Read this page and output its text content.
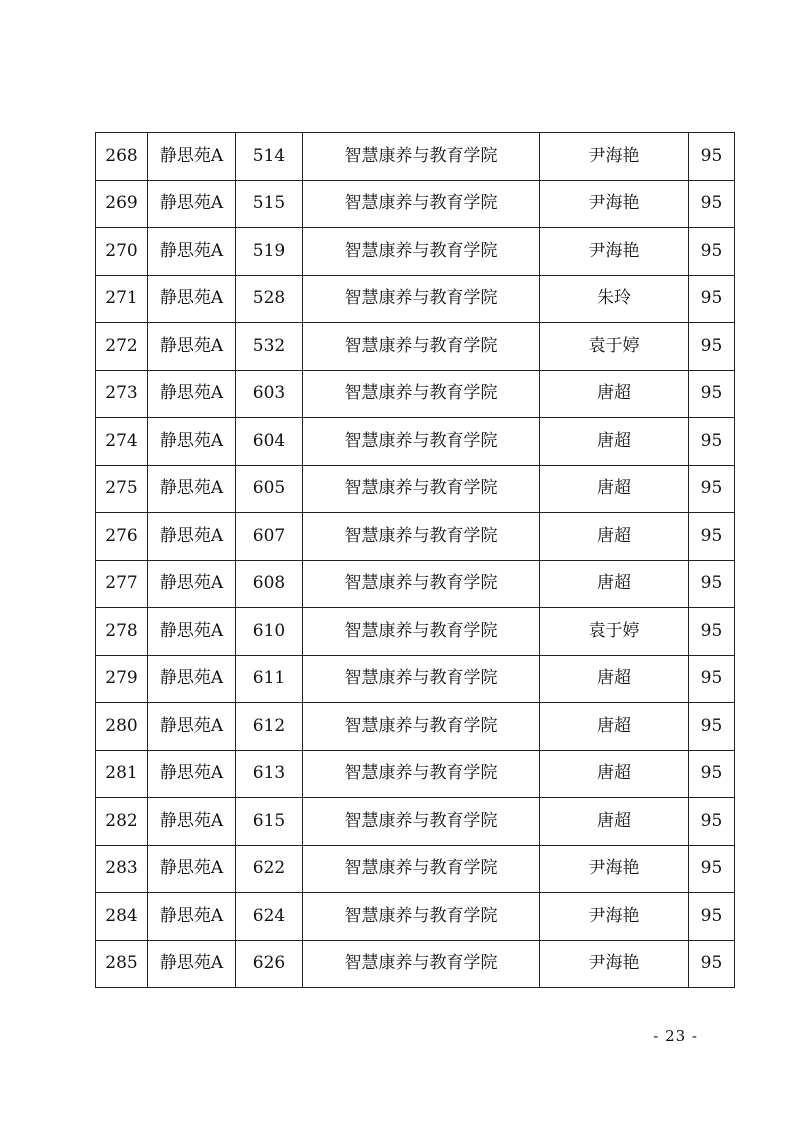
268	静思苑A	514	智慧康养与教育学院	尹海艳	95
269	静思苑A	515	智慧康养与教育学院	尹海艳	95
270	静思苑A	519	智慧康养与教育学院	尹海艳	95
271	静思苑A	528	智慧康养与教育学院	朱玲	95
272	静思苑A	532	智慧康养与教育学院	袁于婷	95
273	静思苑A	603	智慧康养与教育学院	唐超	95
274	静思苑A	604	智慧康养与教育学院	唐超	95
275	静思苑A	605	智慧康养与教育学院	唐超	95
276	静思苑A	607	智慧康养与教育学院	唐超	95
277	静思苑A	608	智慧康养与教育学院	唐超	95
278	静思苑A	610	智慧康养与教育学院	袁于婷	95
279	静思苑A	611	智慧康养与教育学院	唐超	95
280	静思苑A	612	智慧康养与教育学院	唐超	95
281	静思苑A	613	智慧康养与教育学院	唐超	95
282	静思苑A	615	智慧康养与教育学院	唐超	95
283	静思苑A	622	智慧康养与教育学院	尹海艳	95
284	静思苑A	624	智慧康养与教育学院	尹海艳	95
285	静思苑A	626	智慧康养与教育学院	尹海艳	95
- 23 -
